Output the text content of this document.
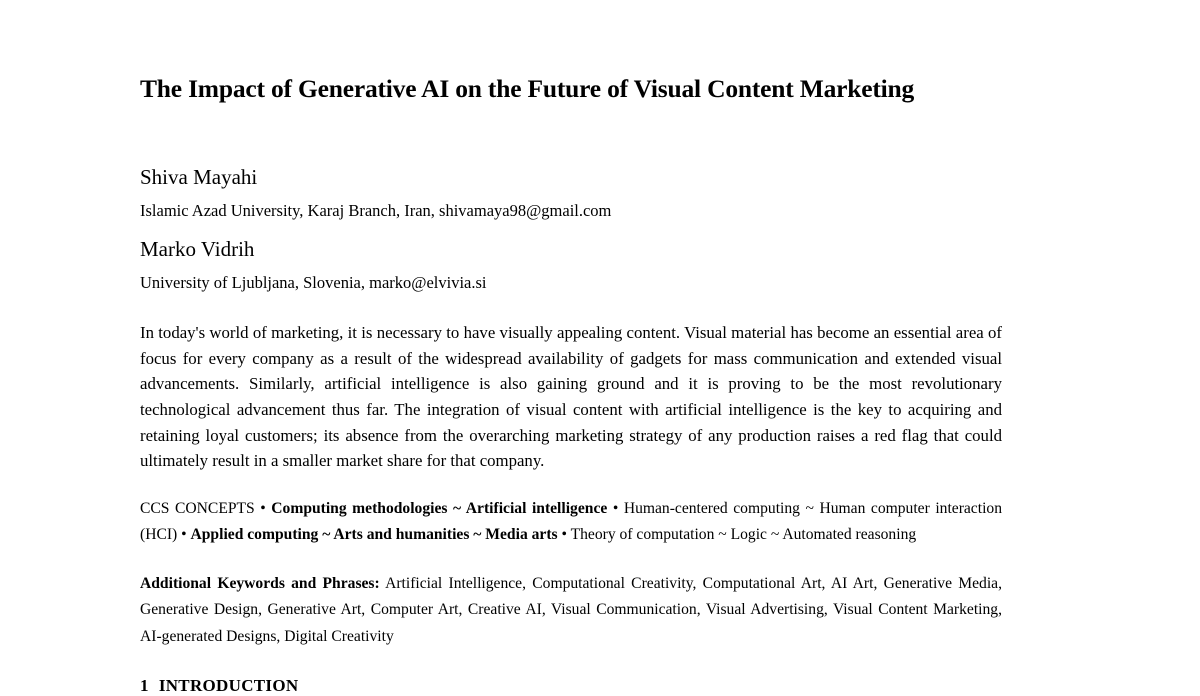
The Impact of Generative AI on the Future of Visual Content Marketing
Shiva Mayahi

Islamic Azad University, Karaj Branch, Iran, shivamaya98@gmail.com

Marko Vidrih

University of Ljubljana, Slovenia, marko@elvivia.si

In today's world of marketing, it is necessary to have visually appealing content. Visual material has become an essential area of focus for every company as a result of the widespread availability of gadgets for mass communication and extended visual advancements. Similarly, artificial intelligence is also gaining ground and it is proving to be the most revolutionary technological advancement thus far. The integration of visual content with artificial intelligence is the key to acquiring and retaining loyal customers; its absence from the overarching marketing strategy of any production raises a red flag that could ultimately result in a smaller market share for that company.

CCS CONCEPTS • Computing methodologies ~ Artificial intelligence • Human-centered computing ~ Human computer interaction (HCI) • Applied computing ~ Arts and humanities ~ Media arts • Theory of computation ~ Logic ~ Automated reasoning

Additional Keywords and Phrases: Artificial Intelligence, Computational Creativity, Computational Art, AI Art, Generative Media, Generative Design, Generative Art, Computer Art, Creative AI, Visual Communication, Visual Advertising, Visual Content Marketing, AI-generated Designs, Digital Creativity

1 INTRODUCTION
